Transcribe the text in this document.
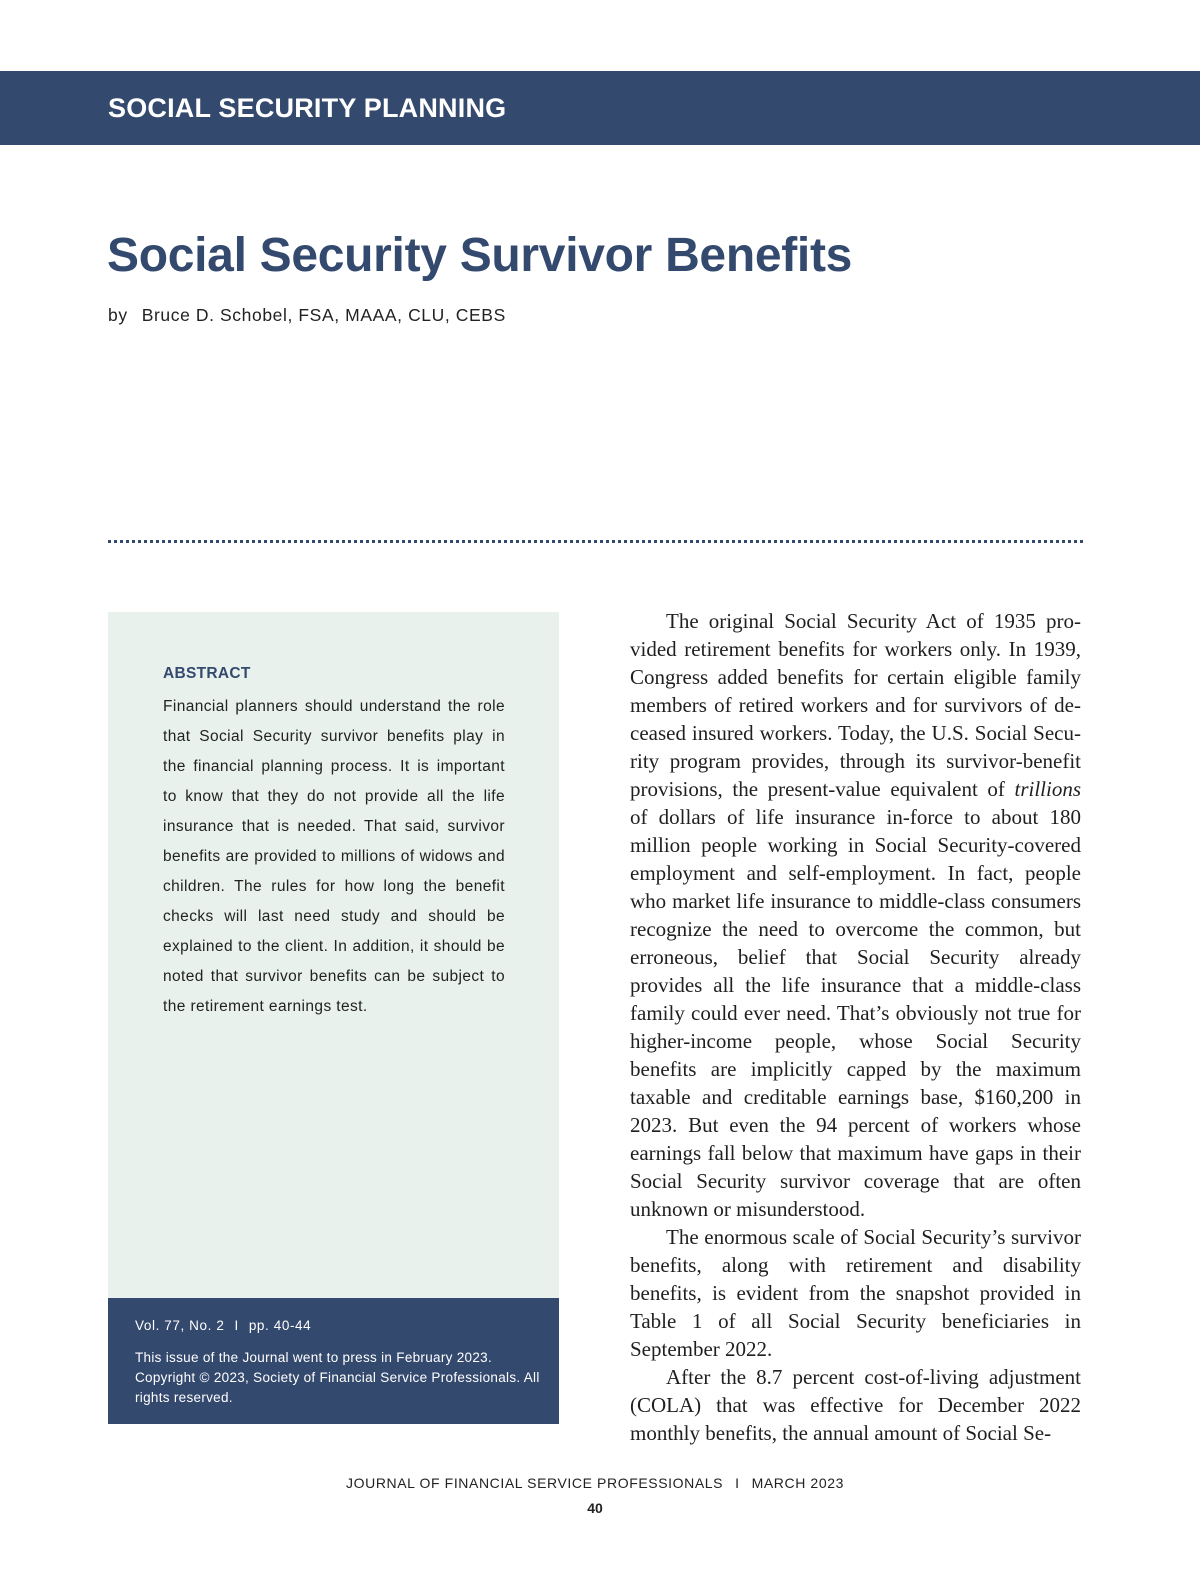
SOCIAL SECURITY PLANNING
Social Security Survivor Benefits
by Bruce D. Schobel, FSA, MAAA, CLU, CEBS
ABSTRACT

Financial planners should understand the role that Social Security survivor benefits play in the financial planning process. It is important to know that they do not provide all the life insurance that is needed. That said, survivor benefits are provided to millions of widows and children. The rules for how long the benefit checks will last need study and should be explained to the client. In addition, it should be noted that survivor benefits can be subject to the retirement earnings test.

Vol. 77, No. 2 I pp. 40-44
This issue of the Journal went to press in February 2023. Copyright © 2023, Society of Financial Service Professionals. All rights reserved.

The original Social Security Act of 1935 provided retirement benefits for workers only. In 1939, Congress added benefits for certain eligible family members of retired workers and for survivors of deceased insured workers. Today, the U.S. Social Security program provides, through its survivor-benefit provisions, the present-value equivalent of trillions of dollars of life insurance in-force to about 180 million people working in Social Security-covered employment and self-employment. In fact, people who market life insurance to middle-class consumers recognize the need to overcome the common, but erroneous, belief that Social Security already provides all the life insurance that a middle-class family could ever need. That’s obviously not true for higher-income people, whose Social Security benefits are implicitly capped by the maximum taxable and creditable earnings base, $160,200 in 2023. But even the 94 percent of workers whose earnings fall below that maximum have gaps in their Social Security survivor coverage that are often unknown or misunderstood.

The enormous scale of Social Security’s survivor benefits, along with retirement and disability benefits, is evident from the snapshot provided in Table 1 of all Social Security beneficiaries in September 2022.

After the 8.7 percent cost-of-living adjustment (COLA) that was effective for December 2022 monthly benefits, the annual amount of Social Se-

JOURNAL OF FINANCIAL SERVICE PROFESSIONALS I MARCH 2023
40
